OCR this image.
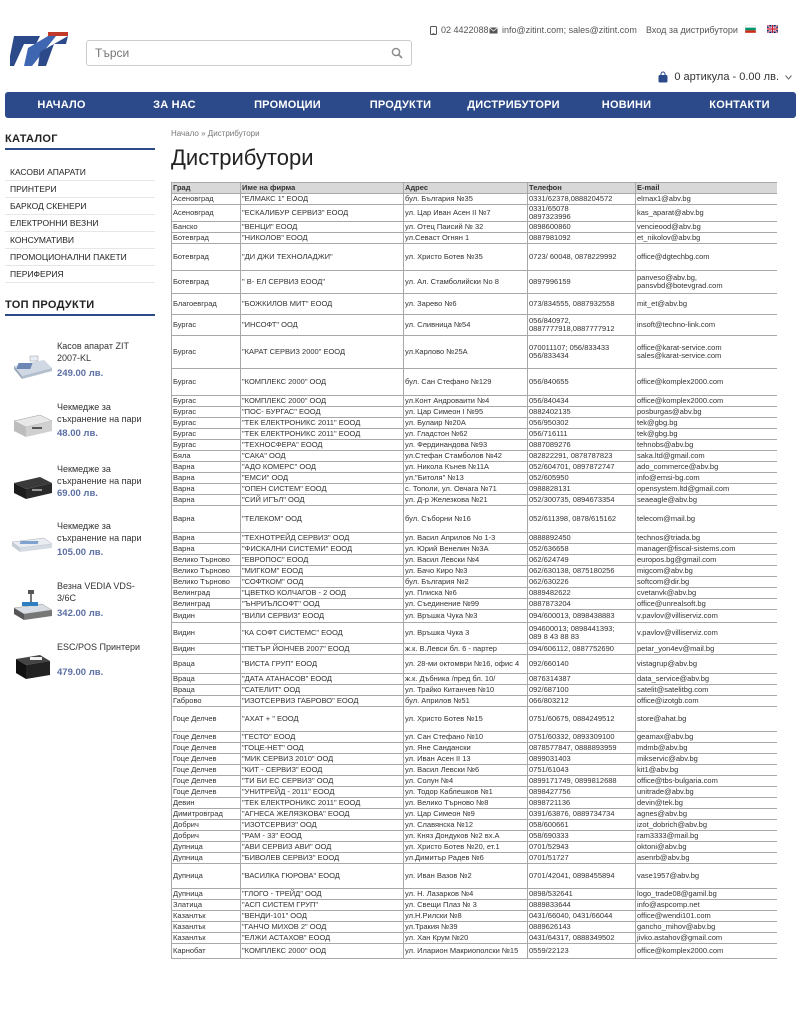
Търси
02 4422088 info@zitint.com; sales@zitint.com Вход за дистрибутори
0 артикула - 0.00 лв.
НАЧАЛО	ЗА НАС	ПРОМОЦИИ	ПРОДУКТИ	ДИСТРИБУТОРИ	НОВИНИ	КОНТАКТИ
КАТАЛОГ
КАСОВИ АПАРАТИ
ПРИНТЕРИ
БАРКОД СКЕНЕРИ
ЕЛЕКТРОННИ ВЕЗНИ
КОНСУМАТИВИ
ПРОМОЦИОНАЛНИ ПАКЕТИ
ПЕРИФЕРИЯ
ТОП ПРОДУКТИ
Касов апарат ZIT 2007-KL
249.00 лв.
Чекмедже за съхранение на пари
48.00 лв.
Чекмедже за съхранение на пари
69.00 лв.
Чекмедже за съхранение на пари
105.00 лв.
Везна VEDIA VDS-3/6C
342.00 лв.
ESC/POS Принтери
479.00 лв.
Начало » Дистрибутори
Дистрибутори
Град	Име на фирма	Адрес	Телефон	E-mail
Асеновград	"ЕЛМАКС 1" ЕООД	бул. България №35	0331/62378,0888204572	elmax1@abv.bg
Асеновград	"ЕСКАЛИБУР СЕРВИЗ" ЕООД	ул. Цар Иван Асен II №7	0331/65078
0897323996	kas_aparat@abv.bg
Банско	"ВЕНЦИ" ЕООД	ул. Отец Паисий № 32	0898600860	vencieood@abv.bg
Ботевград	"НИКОЛОВ" ЕООД	ул.Севаст Огнян 1	0887981092	et_nikolov@abv.bg
Ботевград	"ДИ ДЖИ ТЕХНОЛАДЖИ"	ул. Христо Ботев №35	0723/ 60048, 0878229992	office@dgtechbg.com
Ботевград	" В- ЕЛ СЕРВИЗ ЕООД"	ул. Ал. Стамболийски No 8	0897996159	panveso@abv.bg,
pansvbd@botevgrad.com
Благоевград	"БОЖКИЛОВ МИТ" ЕООД	ул. Зарево №6	073/834555, 0887932558	mit_et@abv.bg
Бургас	"ИНСОФТ" ООД	ул. Сливница №54	056/840972,
0887777918,0887777912	insoft@techno-link.com
Бургас	"КАРАТ СЕРВИЗ 2000" ЕООД	ул.Карлово №25А	070011107; 056/833433
056/833434	office@karat-service.com
sales@karat-service.com
Бургас	"КОМПЛЕКС 2000" ООД	бул. Сан Стефано №129	056/840655	office@komplex2000.com
Бургас	"КОМПЛЕКС 2000" ООД	ул.Конт Андроваити №4	056/840434	office@komplex2000.com
Бургас	"ПОС- БУРГАС" ЕООД	ул. Цар Симеон I №95	0882402135	posburgas@abv.bg
Бургас	"ТЕК ЕЛЕКТРОНИКС 2011" ЕООД	ул. Булаир №20А	056/950302	tek@gbg.bg
Бургас	"ТЕК ЕЛЕКТРОНИКС 2011" ЕООД	ул. Гладстон №62	056/716111	tek@gbg.bg
Бургас	"ТЕХНОСФЕРА" ЕООД	ул. Фердинандова №93	0887089276	tehnobs@abv.bg
Бяла	"САКА" ООД	ул.Стефан Стамболов №42	082822291, 0878787823	saka.ltd@gmail.com
Варна	"АДО КОМЕРС" ООД	ул. Никола Кънев №11А	052/604701, 0897872747	ado_commerce@abv.bg
Варна	"ЕМСИ" ООД	ул."Битоля" №13	052/605950	info@emsi-bg.com
Варна	"ОПЕН СИСТЕМ" ЕООД	с. Тополи, ул. Овчага №71	0988828131	opensystem.ltd@gmail.com
Варна	"СИЙ ИГЪЛ" ООД	ул. Д-р Железкова №21	052/300735, 0894673354	seaeagle@abv.bg
Варна	"ТЕЛЕКОМ" ООД	бул. Съборни №16	052/611398, 0878/615162	telecom@mail.bg
Варна	"ТЕХНОТРЕЙД СЕРВИЗ" ООД	ул. Васил Априлов No 1-3	0888892450	technos@triada.bg
Варна	"ФИСКАЛНИ СИСТЕМИ" ЕООД	ул. Юрий Венелин №3А	052/636658	manager@fiscal-sistems.com
Велико Търново	"ЕВРОПОС" ЕООД	ул. Васил Левски №4	062/624749	europos.bg@gmail.com
Велико Търново	"МИГКОМ" ЕООД	ул. Бачо Киро №3	062/630138, 0875180256	migcom@abv.bg
Велико Търново	"СОФТКОМ" ООД	бул. България №2	062/630226	softcom@dir.bg
Велинград	"ЦВЕТКО КОЛЧАГОВ - 2 ООД	ул. Плиска №6	0889482622	cvetanvk@abv.bg
Велинград	"ЪНРИЪЛСОФТ" ООД	ул. Съединение №99	0887873204	office@unrealsoft.bg
Видин	"ВИЛИ СЕРВИЗ" ЕООД	ул. Връшка Чука №3	094/600013, 0898438883	v.pavlov@villiserviz.com
Видин	"КА СОФТ СИСТЕМС" ЕООД	ул. Връшка Чука 3	094600013; 0898441393;
089 8 43 88 83	v.pavlov@villiserviz.com
Видин	"ПЕТЪР ЙОНЧЕВ 2007" ЕООД	ж.к. В.Левси бл. 6 - партер	094/606112, 0887752690	petar_yon4ev@mail.bg
Враца	"ВИСТА ГРУП" ЕООД	ул. 28-ми октомври №16, офис 4	092/660140	vistagrup@abv.bg
Враца	"ДАТА АТАНАСОВ" ЕООД	ж.к. Дъбника /пред бл. 10/	0876314387	data_service@abv.bg
Враца	"САТЕЛИТ" ООД	ул. Трайко Китанчев №10	092/687100	satelit@satelitbg.com
Габрово	"ИЗОТСЕРВИЗ ГАБРОВО" ЕООД	бул. Априлов №51	066/803212	office@izotgb.com
Гоце Делчев	"АХАТ + " ЕООД	ул. Христо Ботев №15	0751/60675, 0884249512	store@ahat.bg
Гоце Делчев	"ГЕСТО" ЕООД	ул. Сан Стефано №10	0751/60332, 0893309100	geamax@abv.bg
Гоце Делчев	"ГОЦЕ-НЕТ" ООД	ул. Яне Сандански	0878577847, 0888893959	mdmb@abv.bg
Гоце Делчев	"МИК СЕРВИЗ 2010" ООД	ул. Иван Асен II 13	0899031403	mikservic@abv.bg
Гоце Делчев	"КИТ - СЕРВИЗ" ЕООД	ул. Васил Левски №6	0751/61043	kit1@abv.bg
Гоце Делчев	"ТИ БИ ЕС СЕРВИЗ" ООД	ул. Солун №4	0899171749, 0899812688	office@tbs-bulgaria.com
Гоце Делчев	"УНИТРЕЙД - 2011" ЕООД	ул. Тодор Каблешков №1	0898427756	unitrade@abv.bg
Девин	"ТЕК ЕЛЕКТРОНИКС 2011" ЕООД	ул. Велико Търново №8	0898721136	devin@tek.bg
Димитровград	"АГНЕСА ЖЕЛЯЗКОВА" ЕООД	ул. Цар Симеон №9	0391/63876, 0889734734	agnes@abv.bg
Добрич	"ИЗОТСЕРВИЗ" ООД	ул. Славянска №12	058/600661	izot_dobrich@abv.bg
Добрич	"РАМ - 33" ЕООД	ул. Княз Дондуков №2 вх.А	058/690333	ram3333@mail.bg
Дупница	"АВИ СЕРВИЗ АВИ" ООД	ул. Христо Ботев №20, ет.1	0701/52943	oktoni@abv.bg
Дупница	"БИВОЛЕВ СЕРВИЗ" ЕООД	ул.Димитър Радев №6	0701/51727	asenrb@abv.bg
Дупница	"ВАСИЛКА ГЮРОВА" ЕООД	ул. Иван Вазов №2	0701/42041, 0898455894	vase1957@abv.bg
Дупница	"ГЛОГО - ТРЕЙД" ООД	ул. Н. Лазарков №4	0898/532641	logo_trade08@gamil.bg
Златица	"АСП СИСТЕМ ГРУП"	ул. Свещи Плаз № 3	0889833644	info@aspcomp.net
Казанлък	"ВЕНДИ-101" ООД	ул.Н.Рилски №8	0431/66040, 0431/66044	office@wendi101.com
Казанлък	"ГАНЧО МИХОВ 2" ООД	ул.Тракия №39	0889626143	gancho_mihov@abv.bg
Казанлък	"ЕЛЖИ АСТАХОВ" ЕООД	ул. Хан Крум №20	0431/64317, 0888349502	jivko.astahov@gmail.com
Карнобат	"КОМПЛЕКС 2000" ООД	ул. Иларион Макриополски №15	0559/22123	office@komplex2000.com
